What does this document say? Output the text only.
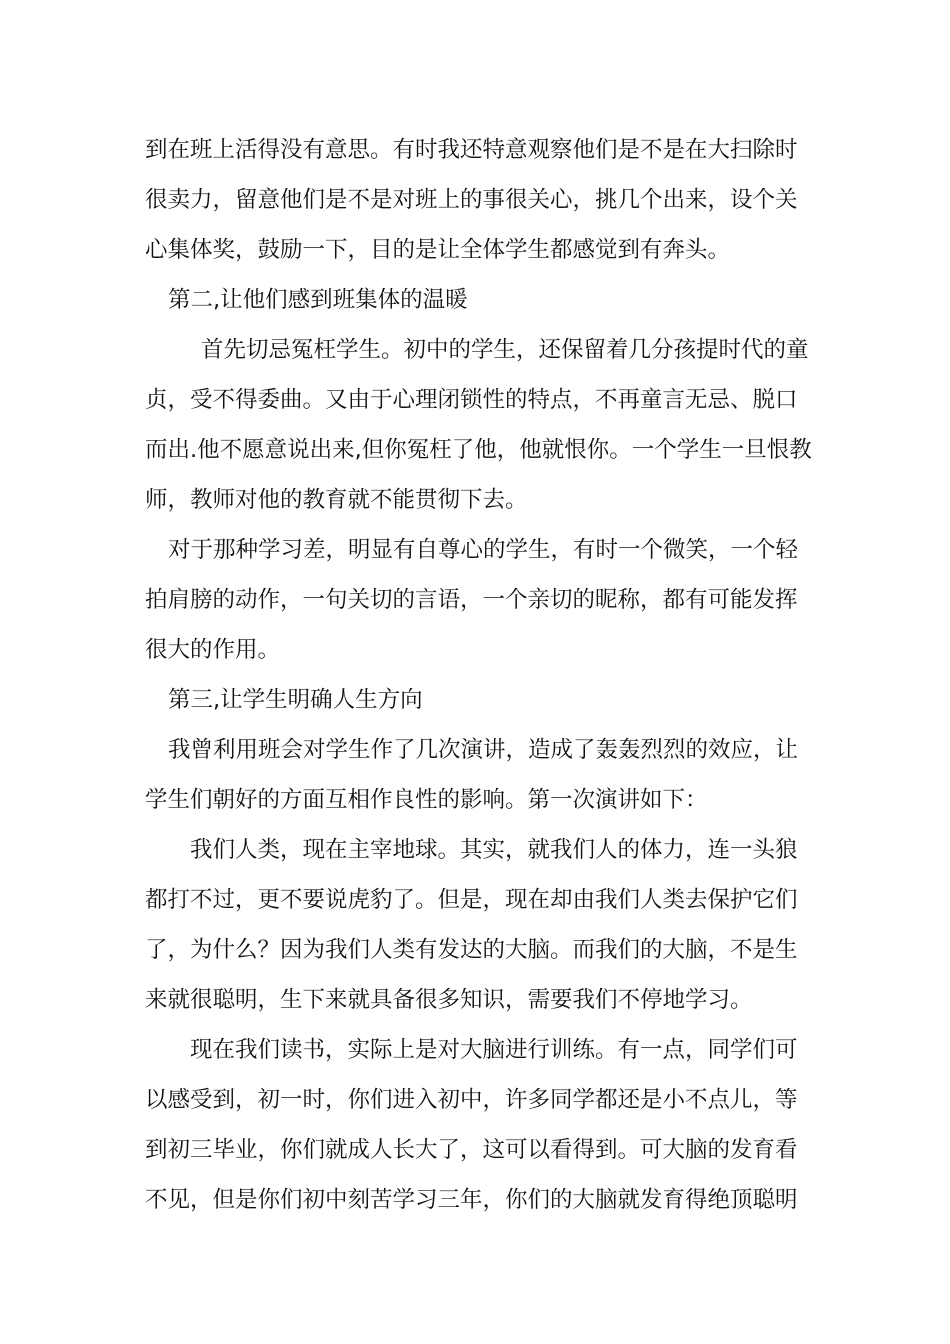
到在班上活得没有意思。有时我还特意观察他们是不是在大扫除时
很卖力，留意他们是不是对班上的事很关心，挑几个出来，设个关
心集体奖，鼓励一下，目的是让全体学生都感觉到有奔头。
第二,让他们感到班集体的温暖
首先切忌冤枉学生。初中的学生，还保留着几分孩提时代的童
贞，受不得委曲。又由于心理闭锁性的特点，不再童言无忌、脱口
而出.他不愿意说出来,但你冤枉了他，他就恨你。一个学生一旦恨教
师，教师对他的教育就不能贯彻下去。
对于那种学习差，明显有自尊心的学生，有时一个微笑，一个轻
拍肩膀的动作，一句关切的言语，一个亲切的昵称，都有可能发挥
很大的作用。
第三,让学生明确人生方向
我曾利用班会对学生作了几次演讲，造成了轰轰烈烈的效应，让
学生们朝好的方面互相作良性的影响。第一次演讲如下：
我们人类，现在主宰地球。其实，就我们人的体力，连一头狼
都打不过，更不要说虎豹了。但是，现在却由我们人类去保护它们
了，为什么？因为我们人类有发达的大脑。而我们的大脑，不是生
来就很聪明，生下来就具备很多知识，需要我们不停地学习。
现在我们读书，实际上是对大脑进行训练。有一点，同学们可
以感受到，初一时，你们进入初中，许多同学都还是小不点儿，等
到初三毕业，你们就成人长大了，这可以看得到。可大脑的发育看
不见，但是你们初中刻苦学习三年，你们的大脑就发育得绝顶聪明
